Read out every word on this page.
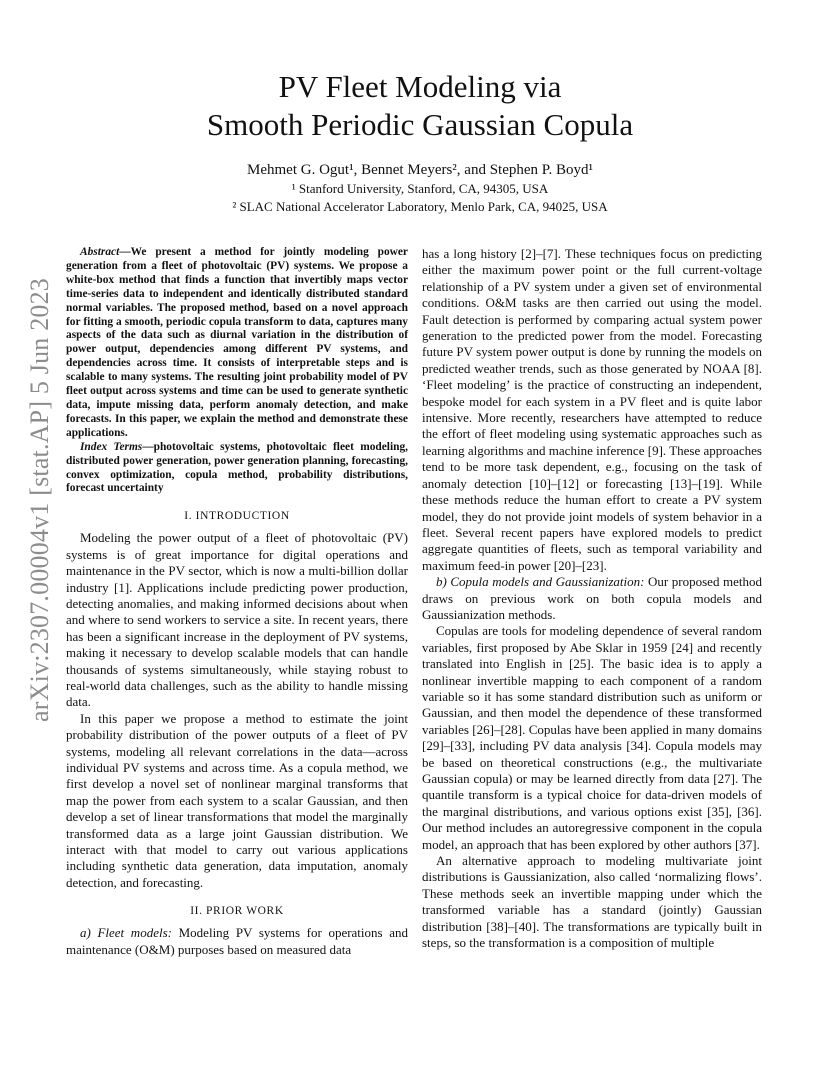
arXiv:2307.00004v1 [stat.AP] 5 Jun 2023
PV Fleet Modeling via
Smooth Periodic Gaussian Copula
Mehmet G. Ogut¹, Bennet Meyers², and Stephen P. Boyd¹
¹ Stanford University, Stanford, CA, 94305, USA
² SLAC National Accelerator Laboratory, Menlo Park, CA, 94025, USA

Abstract—We present a method for jointly modeling power generation from a fleet of photovoltaic (PV) systems. We propose a white-box method that finds a function that invertibly maps vector time-series data to independent and identically distributed standard normal variables. The proposed method, based on a novel approach for fitting a smooth, periodic copula transform to data, captures many aspects of the data such as diurnal variation in the distribution of power output, dependencies among different PV systems, and dependencies across time. It consists of interpretable steps and is scalable to many systems. The resulting joint probability model of PV fleet output across systems and time can be used to generate synthetic data, impute missing data, perform anomaly detection, and make forecasts. In this paper, we explain the method and demonstrate these applications.

Index Terms—photovoltaic systems, photovoltaic fleet modeling, distributed power generation, power generation planning, forecasting, convex optimization, copula method, probability distributions, forecast uncertainty

I. INTRODUCTION

Modeling the power output of a fleet of photovoltaic (PV) systems is of great importance for digital operations and maintenance in the PV sector, which is now a multi-billion dollar industry [1]. Applications include predicting power production, detecting anomalies, and making informed decisions about when and where to send workers to service a site. In recent years, there has been a significant increase in the deployment of PV systems, making it necessary to develop scalable models that can handle thousands of systems simultaneously, while staying robust to real-world data challenges, such as the ability to handle missing data.

In this paper we propose a method to estimate the joint probability distribution of the power outputs of a fleet of PV systems, modeling all relevant correlations in the data—across individual PV systems and across time. As a copula method, we first develop a novel set of nonlinear marginal transforms that map the power from each system to a scalar Gaussian, and then develop a set of linear transformations that model the marginally transformed data as a large joint Gaussian distribution. We interact with that model to carry out various applications including synthetic data generation, data imputation, anomaly detection, and forecasting.

II. PRIOR WORK

a) Fleet models: Modeling PV systems for operations and maintenance (O&M) purposes based on measured data

has a long history [2]–[7]. These techniques focus on predicting either the maximum power point or the full current-voltage relationship of a PV system under a given set of environmental conditions. O&M tasks are then carried out using the model. Fault detection is performed by comparing actual system power generation to the predicted power from the model. Forecasting future PV system power output is done by running the models on predicted weather trends, such as those generated by NOAA [8]. ‘Fleet modeling’ is the practice of constructing an independent, bespoke model for each system in a PV fleet and is quite labor intensive. More recently, researchers have attempted to reduce the effort of fleet modeling using systematic approaches such as learning algorithms and machine inference [9]. These approaches tend to be more task dependent, e.g., focusing on the task of anomaly detection [10]–[12] or forecasting [13]–[19]. While these methods reduce the human effort to create a PV system model, they do not provide joint models of system behavior in a fleet. Several recent papers have explored models to predict aggregate quantities of fleets, such as temporal variability and maximum feed-in power [20]–[23].

b) Copula models and Gaussianization: Our proposed method draws on previous work on both copula models and Gaussianization methods.

Copulas are tools for modeling dependence of several random variables, first proposed by Abe Sklar in 1959 [24] and recently translated into English in [25]. The basic idea is to apply a nonlinear invertible mapping to each component of a random variable so it has some standard distribution such as uniform or Gaussian, and then model the dependence of these transformed variables [26]–[28]. Copulas have been applied in many domains [29]–[33], including PV data analysis [34]. Copula models may be based on theoretical constructions (e.g., the multivariate Gaussian copula) or may be learned directly from data [27]. The quantile transform is a typical choice for data-driven models of the marginal distributions, and various options exist [35], [36]. Our method includes an autoregressive component in the copula model, an approach that has been explored by other authors [37].

An alternative approach to modeling multivariate joint distributions is Gaussianization, also called ‘normalizing flows’. These methods seek an invertible mapping under which the transformed variable has a standard (jointly) Gaussian distribution [38]–[40]. The transformations are typically built in steps, so the transformation is a composition of multiple
